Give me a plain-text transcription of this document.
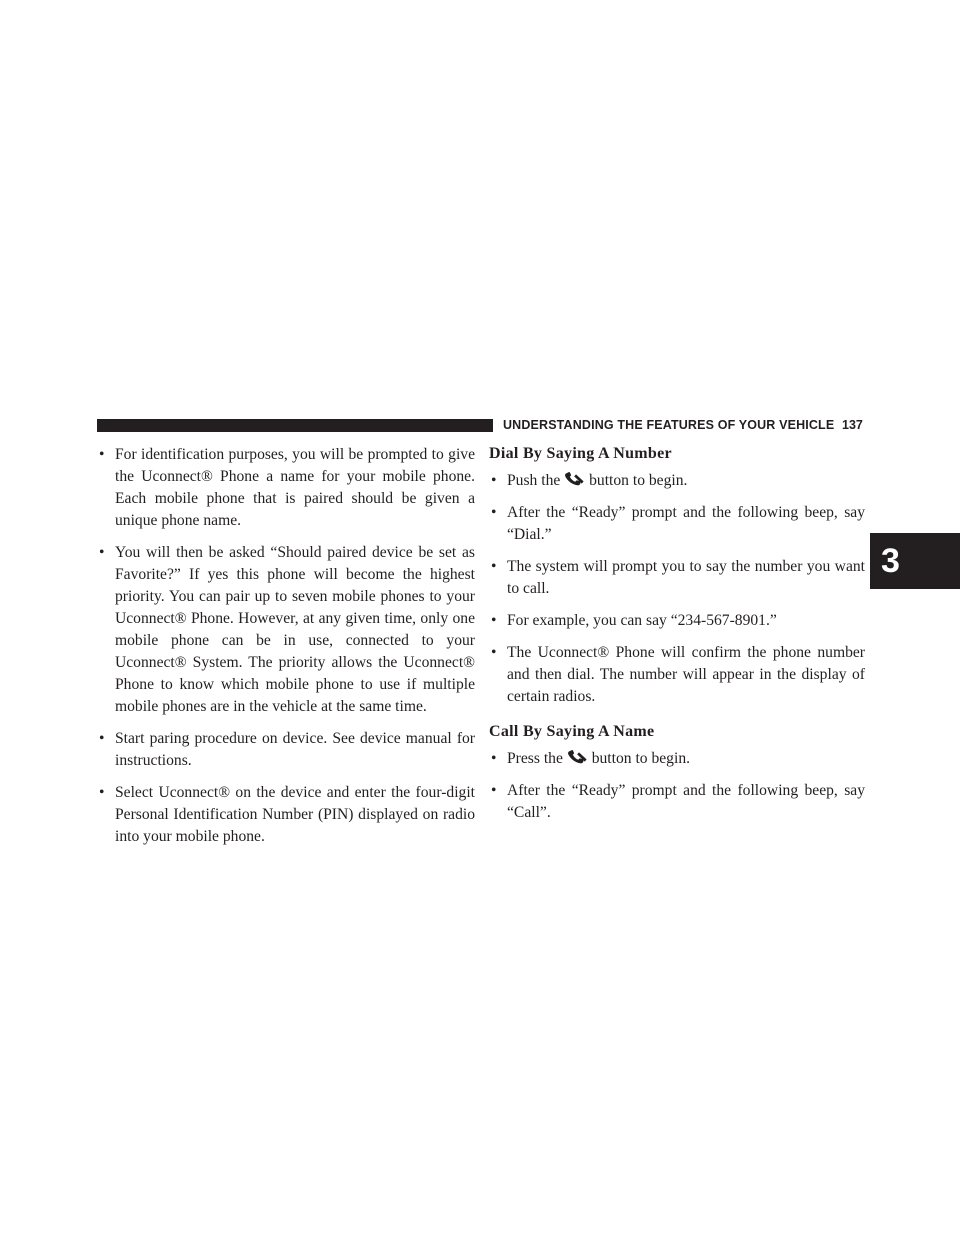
UNDERSTANDING THE FEATURES OF YOUR VEHICLE 137
3
• For identification purposes, you will be prompted to give the Uconnect® Phone a name for your mobile phone. Each mobile phone that is paired should be given a unique phone name.
• You will then be asked “Should paired device be set as Favorite?” If yes this phone will become the highest priority. You can pair up to seven mobile phones to your Uconnect® Phone. However, at any given time, only one mobile phone can be in use, connected to your Uconnect® System. The priority allows the Uconnect® Phone to know which mobile phone to use if multiple mobile phones are in the vehicle at the same time.
• Start paring procedure on device. See device manual for instructions.
• Select Uconnect® on the device and enter the four-digit Personal Identification Number (PIN) displayed on radio into your mobile phone.
Dial By Saying A Number
• Push the button to begin.
• After the “Ready” prompt and the following beep, say “Dial.”
• The system will prompt you to say the number you want to call.
• For example, you can say “234-567-8901.”
• The Uconnect® Phone will confirm the phone number and then dial. The number will appear in the display of certain radios.
Call By Saying A Name
• Press the button to begin.
• After the “Ready” prompt and the following beep, say “Call”.
